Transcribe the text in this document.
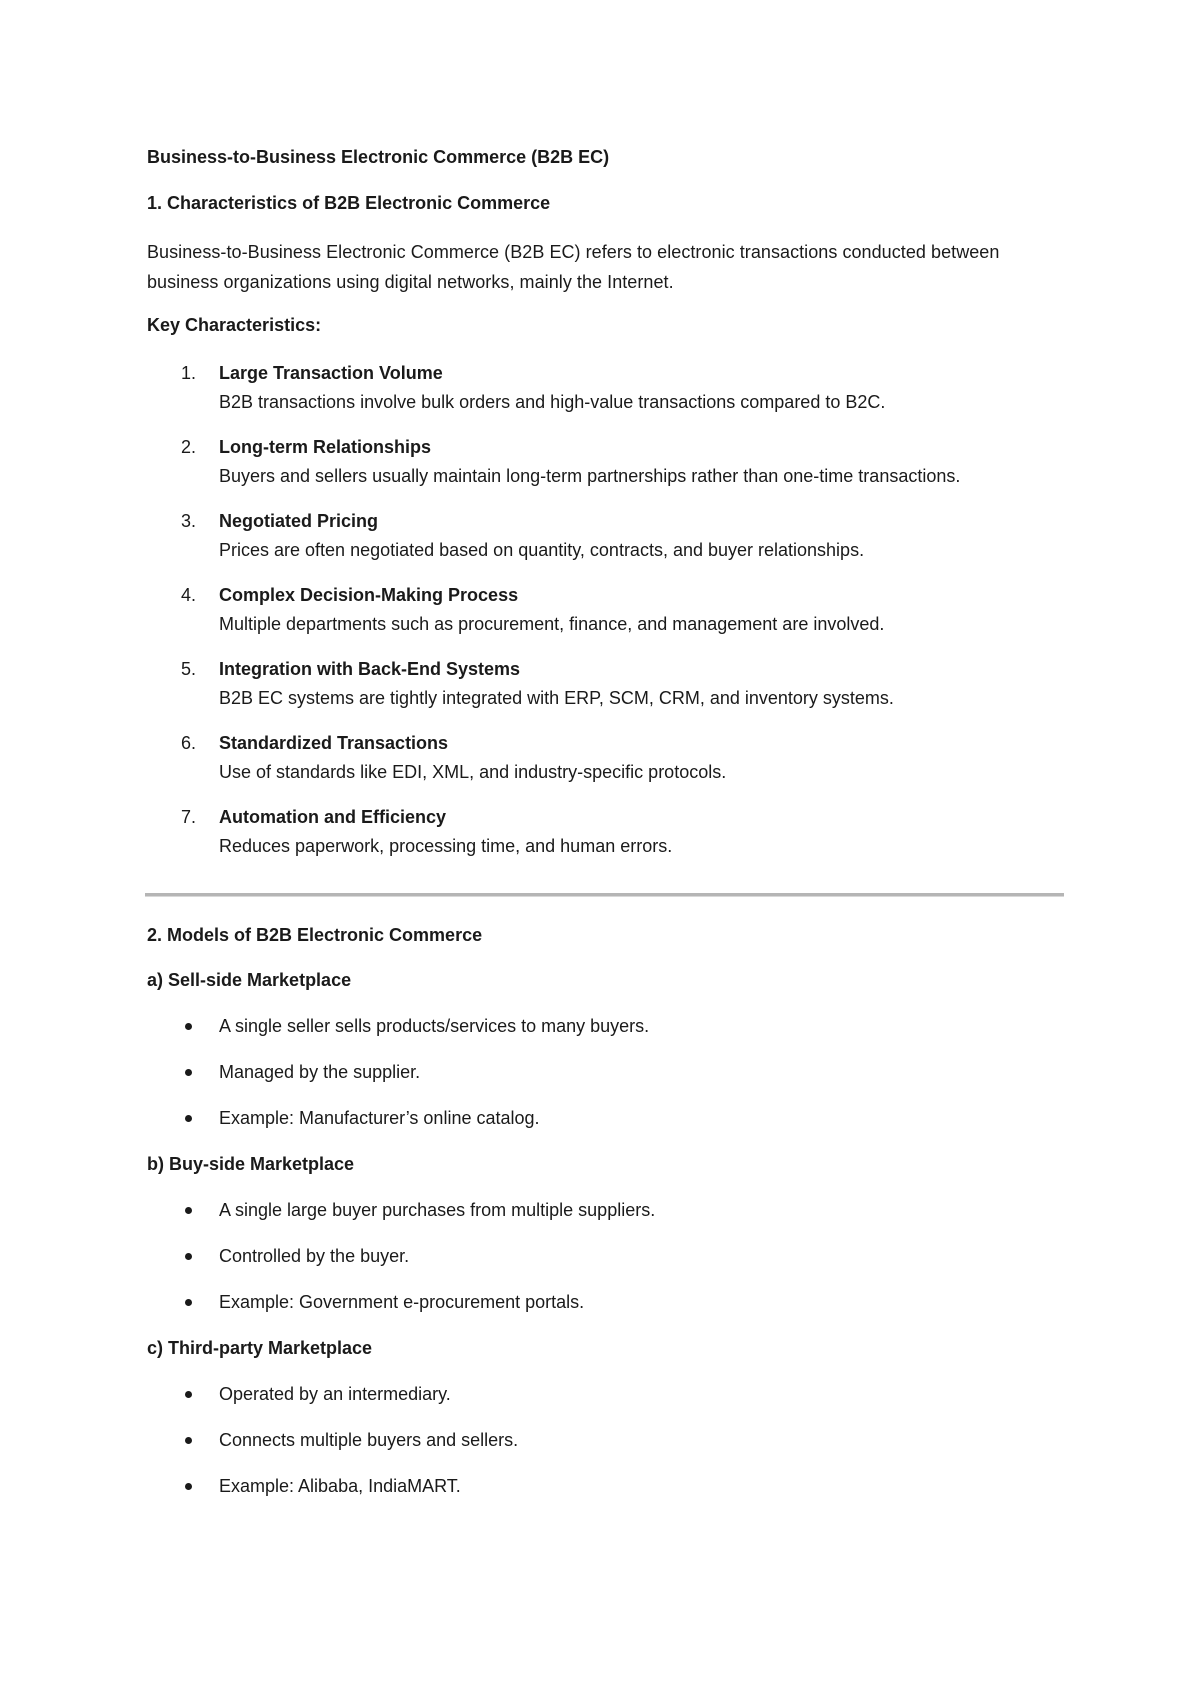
Business-to-Business Electronic Commerce (B2B EC)
1. Characteristics of B2B Electronic Commerce
Business-to-Business Electronic Commerce (B2B EC) refers to electronic transactions conducted between business organizations using digital networks, mainly the Internet.
Key Characteristics:
1. Large Transaction Volume
B2B transactions involve bulk orders and high-value transactions compared to B2C.
2. Long-term Relationships
Buyers and sellers usually maintain long-term partnerships rather than one-time transactions.
3. Negotiated Pricing
Prices are often negotiated based on quantity, contracts, and buyer relationships.
4. Complex Decision-Making Process
Multiple departments such as procurement, finance, and management are involved.
5. Integration with Back-End Systems
B2B EC systems are tightly integrated with ERP, SCM, CRM, and inventory systems.
6. Standardized Transactions
Use of standards like EDI, XML, and industry-specific protocols.
7. Automation and Efficiency
Reduces paperwork, processing time, and human errors.
2. Models of B2B Electronic Commerce
a) Sell-side Marketplace
A single seller sells products/services to many buyers.
Managed by the supplier.
Example: Manufacturer’s online catalog.
b) Buy-side Marketplace
A single large buyer purchases from multiple suppliers.
Controlled by the buyer.
Example: Government e-procurement portals.
c) Third-party Marketplace
Operated by an intermediary.
Connects multiple buyers and sellers.
Example: Alibaba, IndiaMART.
